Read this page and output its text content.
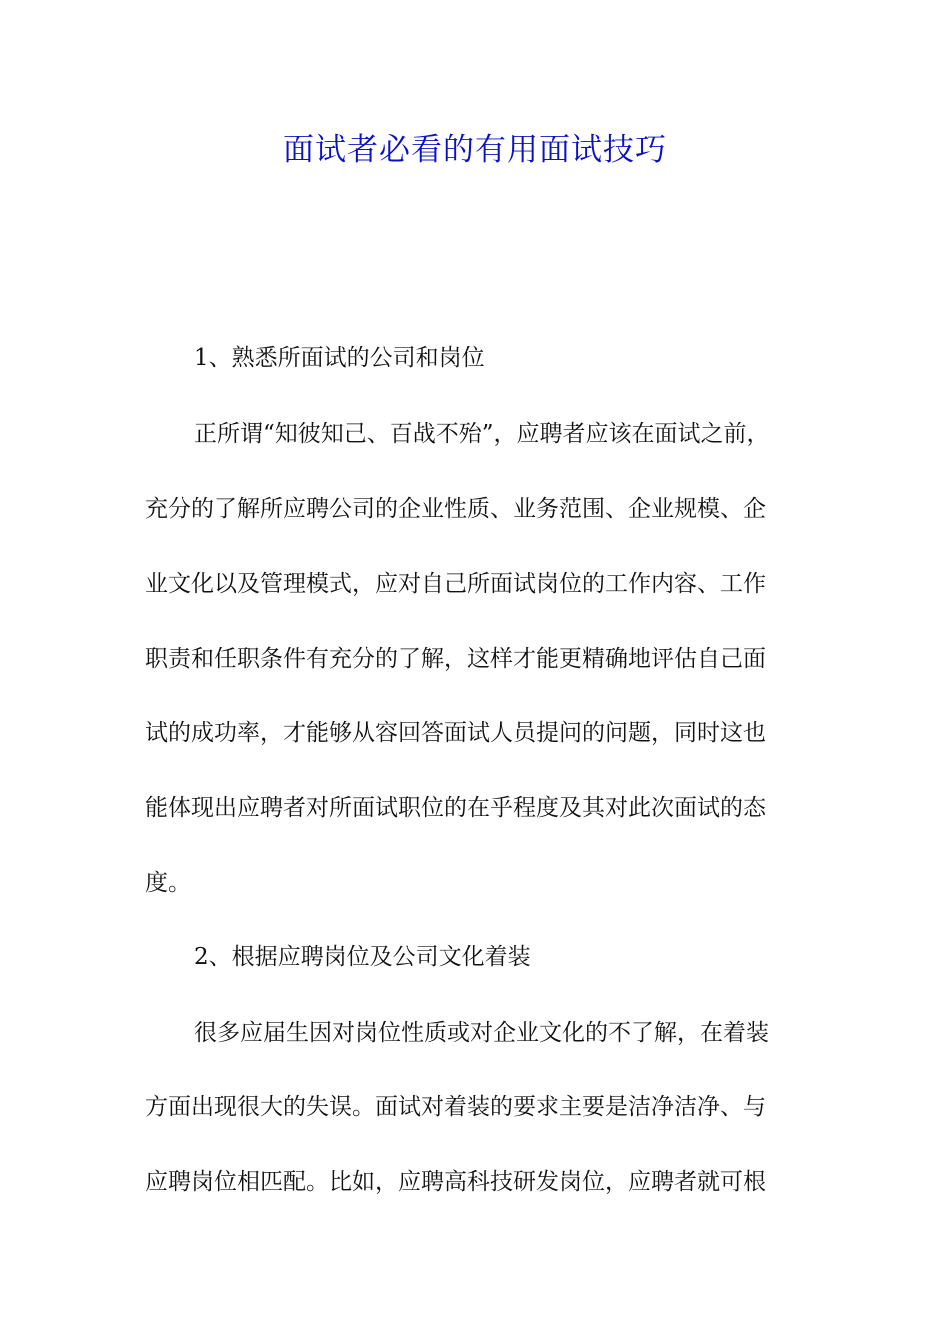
面试者必看的有用面试技巧

1、熟悉所面试的公司和岗位

正所谓“知彼知己、百战不殆”，应聘者应该在面试之前，

充分的了解所应聘公司的企业性质、业务范围、企业规模、企

业文化以及管理模式，应对自己所面试岗位的工作内容、工作

职责和任职条件有充分的了解，这样才能更精确地评估自己面

试的成功率，才能够从容回答面试人员提问的问题，同时这也

能体现出应聘者对所面试职位的在乎程度及其对此次面试的态

度。

2、根据应聘岗位及公司文化着装

很多应届生因对岗位性质或对企业文化的不了解，在着装

方面出现很大的失误。面试对着装的要求主要是洁净洁净、与

应聘岗位相匹配。比如，应聘高科技研发岗位，应聘者就可根
